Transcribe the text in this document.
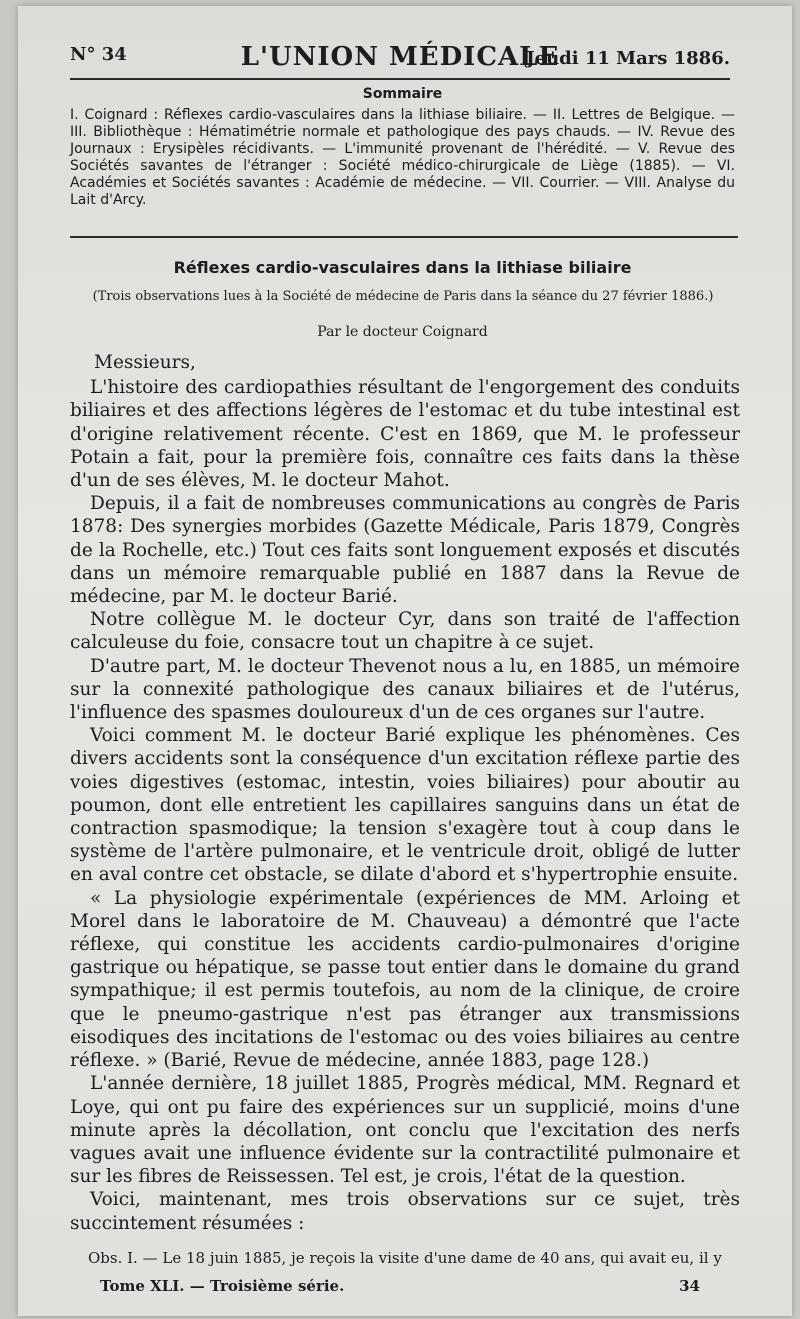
N° 34	L'UNION MÉDICALE
Jeudi 11 Mars 1886.
Sommaire
I. Coignard : Réflexes cardio-vasculaires dans la lithiase biliaire. — II. Lettres de Belgique. — III. Bibliothèque : Hématimétrie normale et pathologique des pays chauds. — IV. Revue des Journaux : Erysipèles récidivants. — L'immunité provenant de l'hérédité. — V. Revue des Sociétés savantes de l'étranger : Société médico-chirurgicale de Liège (1885). — VI. Académies et Sociétés savantes : Académie de médecine. — VII. Courrier. — VIII. Analyse du Lait d'Arcy.
Réflexes cardio-vasculaires dans la lithiase biliaire
(Trois observations lues à la Société de médecine de Paris dans la séance du 27 février 1886.)
Par le docteur Coignard

Messieurs,

L'histoire des cardiopathies résultant de l'engorgement des conduits biliaires et des affections légères de l'estomac et du tube intestinal est d'origine relativement récente. C'est en 1869, que M. le professeur Potain a fait, pour la première fois, connaître ces faits dans la thèse d'un de ses élèves, M. le docteur Mahot.

Depuis, il a fait de nombreuses communications au congrès de Paris 1878: Des synergies morbides (Gazette Médicale, Paris 1879, Congrès de la Rochelle, etc.) Tout ces faits sont longuement exposés et discutés dans un mémoire remarquable publié en 1887 dans la Revue de médecine, par M. le docteur Barié.

Notre collègue M. le docteur Cyr, dans son traité de l'affection calculeuse du foie, consacre tout un chapitre à ce sujet.

D'autre part, M. le docteur Thevenot nous a lu, en 1885, un mémoire sur la connexité pathologique des canaux biliaires et de l'utérus, l'influence des spasmes douloureux d'un de ces organes sur l'autre.

Voici comment M. le docteur Barié explique les phénomènes. Ces divers accidents sont la conséquence d'un excitation réflexe partie des voies digestives (estomac, intestin, voies biliaires) pour aboutir au poumon, dont elle entretient les capillaires sanguins dans un état de contraction spasmodique; la tension s'exagère tout à coup dans le système de l'artère pulmonaire, et le ventricule droit, obligé de lutter en aval contre cet obstacle, se dilate d'abord et s'hypertrophie ensuite.

« La physiologie expérimentale (expériences de MM. Arloing et Morel dans le laboratoire de M. Chauveau) a démontré que l'acte réflexe, qui constitue les accidents cardio-pulmonaires d'origine gastrique ou hépatique, se passe tout entier dans le domaine du grand sympathique; il est permis toutefois, au nom de la clinique, de croire que le pneumo-gastrique n'est pas étranger aux transmissions eisodiques des incitations de l'estomac ou des voies biliaires au centre réflexe. » (Barié, Revue de médecine, année 1883, page 128.)

L'année dernière, 18 juillet 1885, Progrès médical, MM. Regnard et Loye, qui ont pu faire des expériences sur un supplicié, moins d'une minute après la décollation, ont conclu que l'excitation des nerfs vagues avait une influence évidente sur la contractilité pulmonaire et sur les fibres de Reissessen. Tel est, je crois, l'état de la question.

Voici, maintenant, mes trois observations sur ce sujet, très succintement résumées :

Obs. I. — Le 18 juin 1885, je reçois la visite d'une dame de 40 ans, qui avait eu, il y
Tome XLI. — Troisième série.	34
